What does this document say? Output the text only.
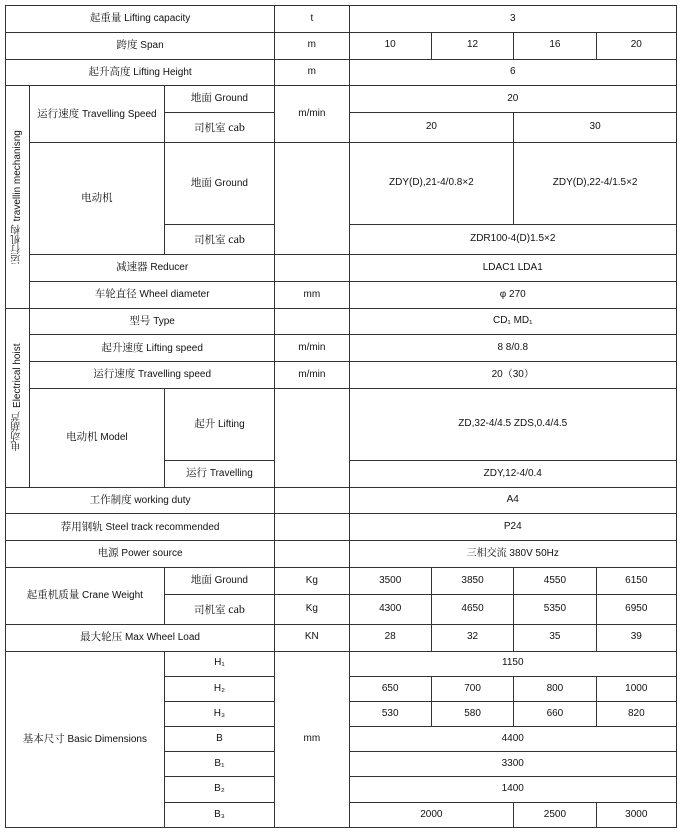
起重量 Lifting capacity			t	3			
跨度 Span			m	10	12	16	20
起升高度 Lifting Height			m	6			
运行机构 travellin mechanisng	运行速度 Travelling Speed	地面 Ground	m/min	20			
		司机室 cab		20		30	
	电动机	地面 Ground		ZDY(D),21-4/0.8×2		ZDY(D),22-4/1.5×2	
		司机室 cab		ZDR100-4(D)1.5×2			
	减速器 Reducer			LDAC1 LDA1			
	车轮直径 Wheel diameter		mm	φ 270			
电动葫芦 Electrical hoist	型号 Type			CD₁ MD₁			
	起升速度 Lifting speed		m/min	8 8/0.8			
	运行速度 Travelling speed		m/min	20（30）			
	电动机 Model	起升 Lifting		ZD,32-4/4.5 ZDS,0.4/4.5			
		运行 Travelling		ZDY,12-4/0.4			
工作制度 working duty				A4			
荐用钢轨 Steel track recommended				P24			
电源 Power source				三相交流 380V 50Hz			
起重机质量 Crane Weight		地面 Ground	Kg	3500	3850	4550	6150
		司机室 cab	Kg	4300	4650	5350	6950
最大轮压 Max Wheel Load			KN	28	32	35	39
基本尺寸 Basic Dimensions		H₁	mm	1150			
		H₂		650	700	800	1000
		H₃		530	580	660	820
		B		4400			
		B₁		3300			
		B₂		1400			
		B₃		2000		2500	3000
